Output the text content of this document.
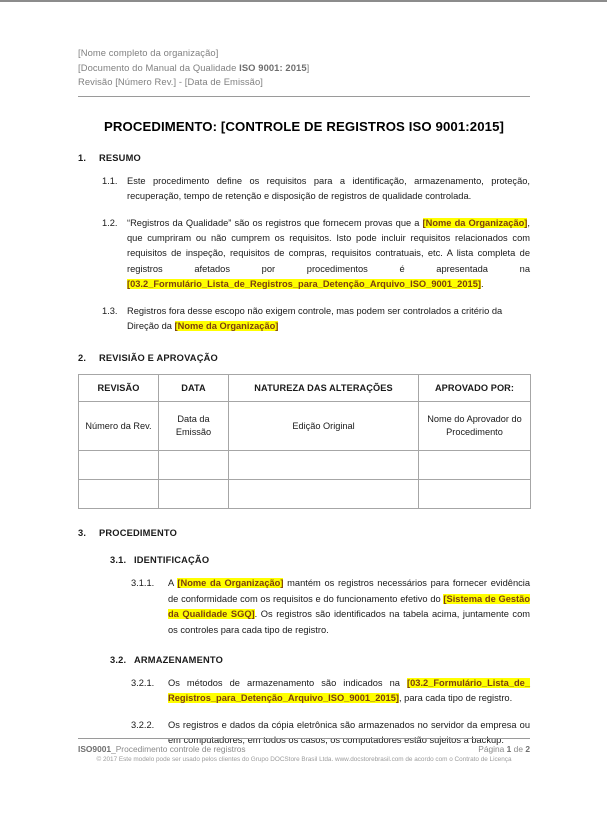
[Nome completo da organização]
[Documento do Manual da Qualidade ISO 9001: 2015]
Revisão [Número Rev.] - [Data de Emissão]
PROCEDIMENTO: [CONTROLE DE REGISTROS ISO 9001:2015]
1.	RESUMO
1.1.	Este procedimento define os requisitos para a identificação, armazenamento, proteção, recuperação, tempo de retenção e disposição de registros de qualidade controlada.
1.2.	“Registros da Qualidade” são os registros que fornecem provas que a [Nome da Organização], que cumpriram ou não cumprem os requisitos. Isto pode incluir requisitos relacionados com requisitos de inspeção, requisitos de compras, requisitos contratuais, etc. A lista completa de registros afetados por procedimentos é apresentada na [03.2_Formulário_Lista_de_Registros_para_Detenção_Arquivo_ISO_9001_2015].
1.3.	Registros fora desse escopo não exigem controle, mas podem ser controlados a critério da Direção da [Nome da Organização]
2.	REVISIÃO E APROVAÇÃO
REVISÃO	DATA	NATUREZA DAS ALTERAÇÕES	APROVADO POR:
Número da Rev.	Data da Emissão	Edição Original	Nome do Aprovador do Procedimento

3.	PROCEDIMENTO
3.1. IDENTIFICAÇÃO
3.1.1.	A [Nome da Organização] mantém os registros necessários para fornecer evidência de conformidade com os requisitos e do funcionamento efetivo do [Sistema de Gestão da Qualidade SGQ]. Os registros são identificados na tabela acima, juntamente com os controles para cada tipo de registro.
3.2. ARMAZENAMENTO
3.2.1.	Os métodos de armazenamento são indicados na [03.2_Formulário_Lista_de_ Registros_para_Detenção_Arquivo_ISO_9001_2015], para cada tipo de registro.
3.2.2.	Os registros e dados da cópia eletrônica são armazenados no servidor da empresa ou em computadores; em todos os casos, os computadores estão sujeitos a backup.
ISO9001_Procedimento controle de registros	Página 1 de 2
© 2017 Este modelo pode ser usado pelos clientes do Grupo DOCStore Brasil Ltda. www.docstorebrasil.com de acordo com o Contrato de Licença
